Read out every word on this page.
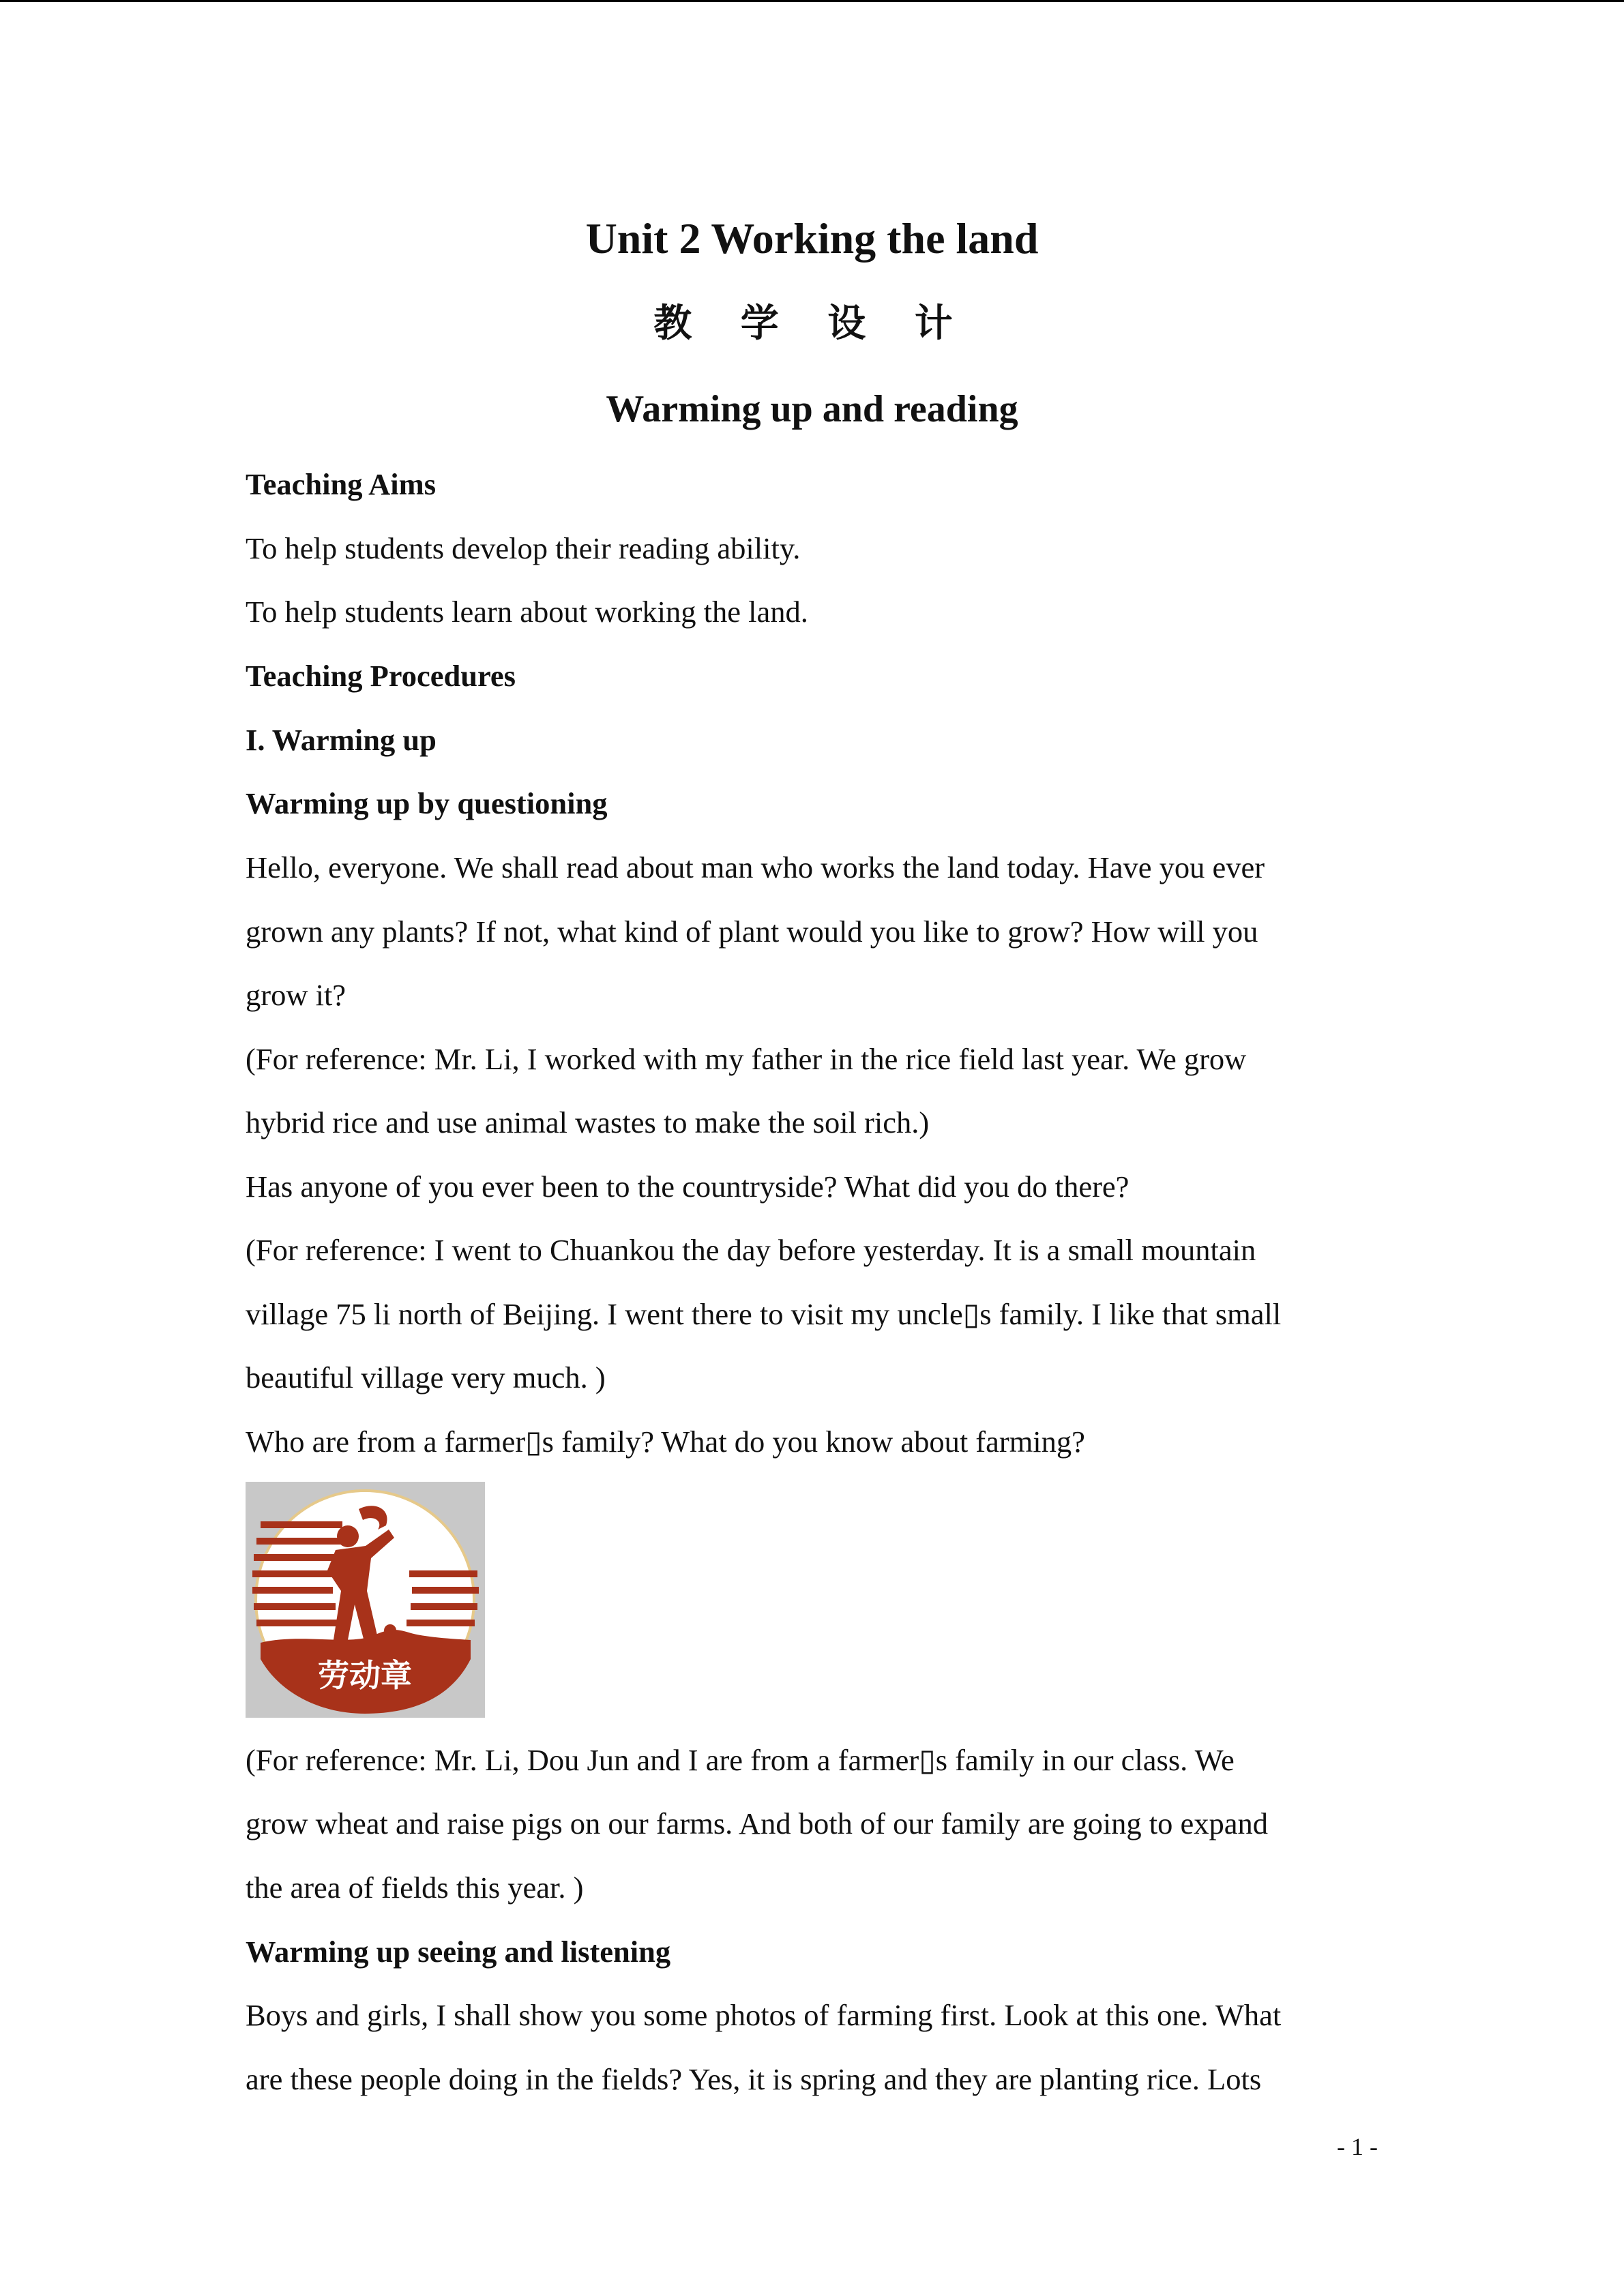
Unit 2 Working the land
教 学 设 计
Warming up and reading
Teaching Aims
To help students develop their reading ability.
To help students learn about working the land.
Teaching Procedures
I. Warming up
Warming up by questioning
Hello, everyone. We shall read about man who works the land today. Have you ever
grown any plants? If not, what kind of plant would you like to grow? How will you
grow it?
(For reference: Mr. Li, I worked with my father in the rice field last year. We grow
hybrid rice and use animal wastes to make the soil rich.)
Has anyone of you ever been to the countryside? What did you do there?
(For reference: I went to Chuankou the day before yesterday. It is a small mountain
village 75 li north of Beijing. I went there to visit my uncle▯s family. I like that small
beautiful village very much. )
Who are from a farmer▯s family? What do you know about farming?
劳动章
(For reference: Mr. Li, Dou Jun and I are from a farmer▯s family in our class. We
grow wheat and raise pigs on our farms. And both of our family are going to expand
the area of fields this year. )
Warming up seeing and listening
Boys and girls, I shall show you some photos of farming first. Look at this one. What
are these people doing in the fields? Yes, it is spring and they are planting rice. Lots
- 1 -
